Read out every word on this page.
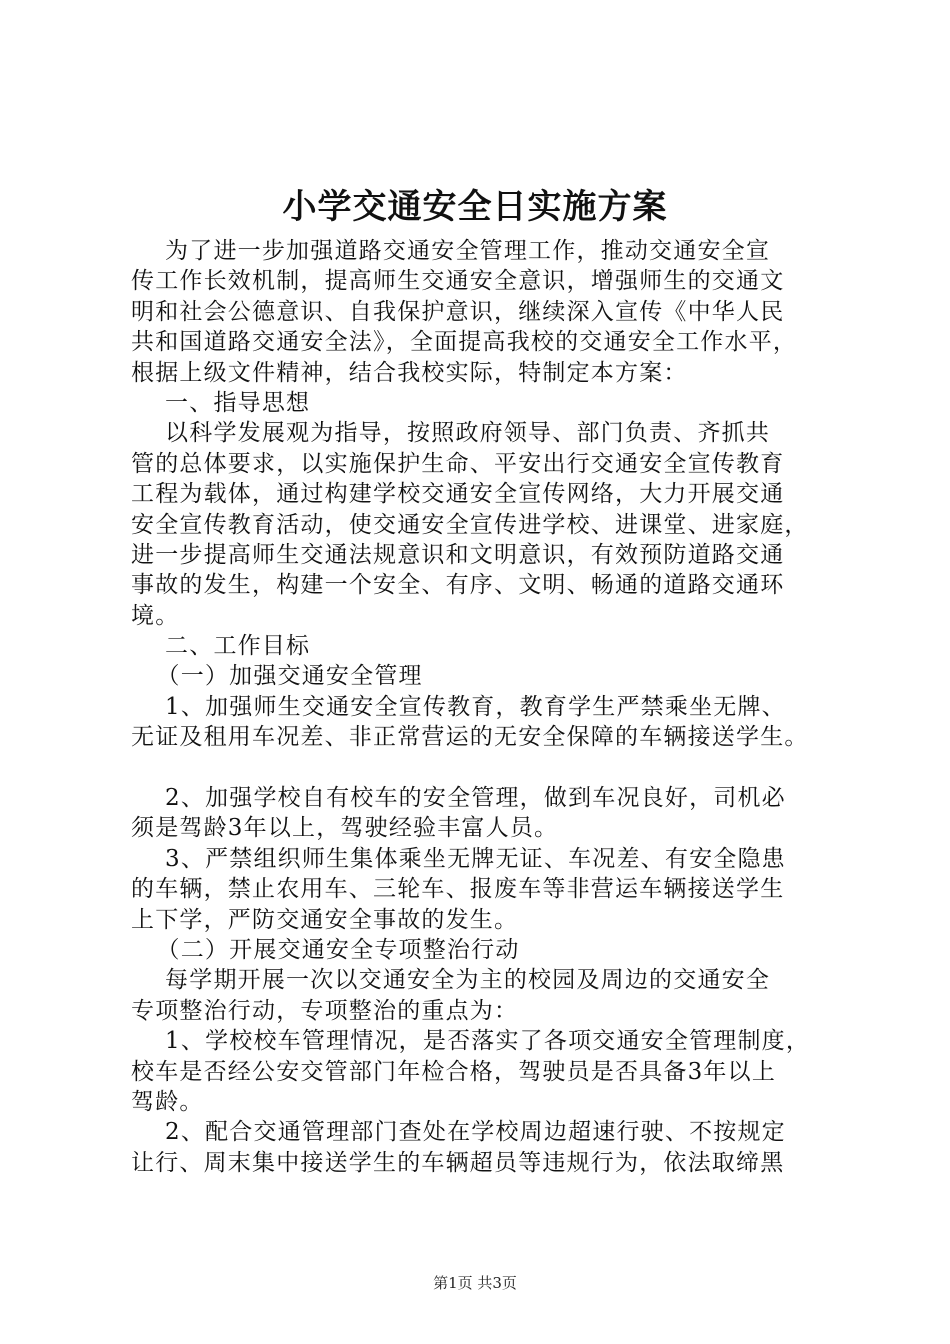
小学交通安全日实施方案
为了进一步加强道路交通安全管理工作，推动交通安全宣
传工作长效机制，提高师生交通安全意识，增强师生的交通文
明和社会公德意识、自我保护意识，继续深入宣传《中华人民
共和国道路交通安全法》，全面提高我校的交通安全工作水平，
根据上级文件精神，结合我校实际，特制定本方案：
一、指导思想
以科学发展观为指导，按照政府领导、部门负责、齐抓共
管的总体要求，以实施保护生命、平安出行交通安全宣传教育
工程为载体，通过构建学校交通安全宣传网络，大力开展交通
安全宣传教育活动，使交通安全宣传进学校、进课堂、进家庭，
进一步提高师生交通法规意识和文明意识，有效预防道路交通
事故的发生，构建一个安全、有序、文明、畅通的道路交通环
境。
二、工作目标
（一）加强交通安全管理
1、加强师生交通安全宣传教育，教育学生严禁乘坐无牌、
无证及租用车况差、非正常营运的无安全保障的车辆接送学生。
2、加强学校自有校车的安全管理，做到车况良好，司机必
须是驾龄3年以上，驾驶经验丰富人员。
3、严禁组织师生集体乘坐无牌无证、车况差、有安全隐患
的车辆，禁止农用车、三轮车、报废车等非营运车辆接送学生
上下学，严防交通安全事故的发生。
（二）开展交通安全专项整治行动
每学期开展一次以交通安全为主的校园及周边的交通安全
专项整治行动，专项整治的重点为：
1、学校校车管理情况，是否落实了各项交通安全管理制度，
校车是否经公安交管部门年检合格，驾驶员是否具备3年以上
驾龄。
2、配合交通管理部门查处在学校周边超速行驶、不按规定
让行、周末集中接送学生的车辆超员等违规行为，依法取缔黑
第1页 共3页
